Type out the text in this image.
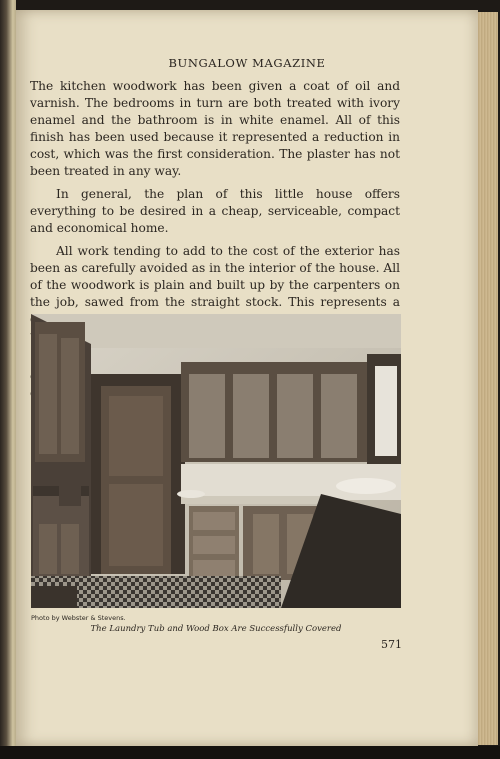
BUNGALOW MAGAZINE

The kitchen woodwork has been given a coat of oil and varnish. The bedrooms in turn are both treated with ivory enamel and the bathroom is in white enamel. All of this finish has been used because it represented a reduction in cost, which was the first consideration. The plaster has not been treated in any way.

In general, the plan of this little house offers everything to be desired in a cheap, serviceable, compact and economical home.

All work tending to add to the cost of the exterior has been as carefully avoided as in the interior of the house. All of the woodwork is plain and built up by the carpenters on the job, sawed from the straight stock. This represents a

Photo by Webster & Stevens.
The Laundry Tub and Wood Box Are Successfully Covered
571
